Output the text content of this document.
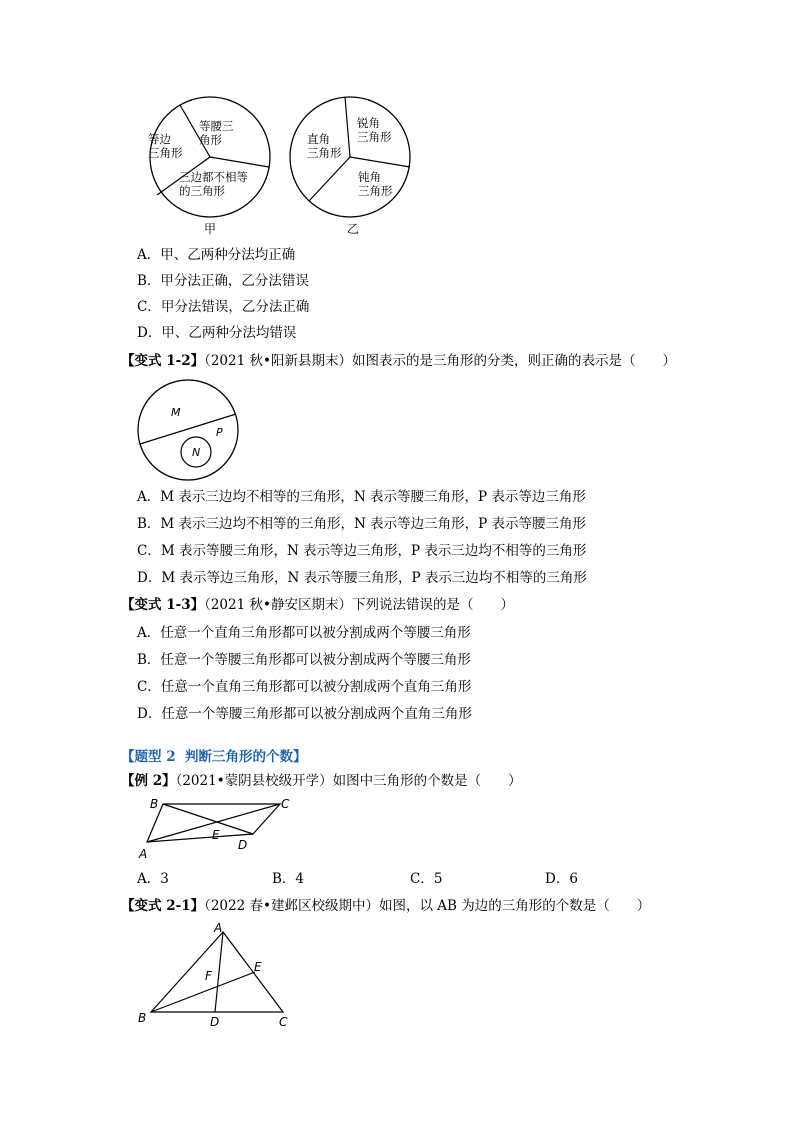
等边
三角形
等腰三
角形
三边都不相等
的三角形
甲
直角
三角形
锐角
三角形
钝角
三角形
乙
A．甲、乙两种分法均正确
B．甲分法正确，乙分法错误
C．甲分法错误，乙分法正确
D．甲、乙两种分法均错误
【变式 1-2】（2021 秋•阳新县期末）如图表示的是三角形的分类，则正确的表示是（　　）
M
N
P
A．M 表示三边均不相等的三角形，N 表示等腰三角形，P 表示等边三角形
B．M 表示三边均不相等的三角形，N 表示等边三角形，P 表示等腰三角形
C．M 表示等腰三角形，N 表示等边三角形，P 表示三边均不相等的三角形
D．M 表示等边三角形，N 表示等腰三角形，P 表示三边均不相等的三角形
【变式 1-3】（2021 秋•静安区期末）下列说法错误的是（　　）
A．任意一个直角三角形都可以被分割成两个等腰三角形
B．任意一个等腰三角形都可以被分割成两个等腰三角形
C．任意一个直角三角形都可以被分割成两个直角三角形
D．任意一个等腰三角形都可以被分割成两个直角三角形
【题型 2 判断三角形的个数】
【例 2】（2021•蒙阴县校级开学）如图中三角形的个数是（　　）
B	C
E
D
A
A．3	B．4	C．5	D．6
【变式 2-1】（2022 春•建邺区校级期中）如图，以 AB 为边的三角形的个数是（　　）
A
E
F
B	D	C
